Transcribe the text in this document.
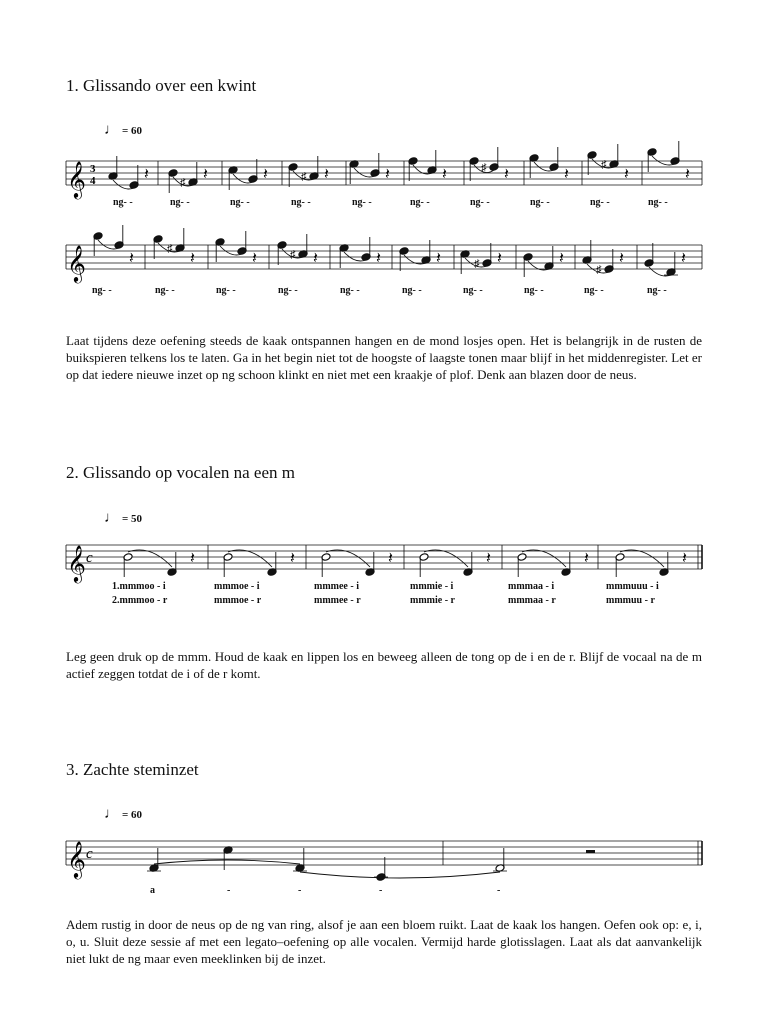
1. Glissando over een kwint
♩ = 60
𝄞 3
4	𝄽	♯ 𝄽	𝄽	♯ 𝄽	𝄽	𝄽	♯ 𝄽	𝄽
♯
𝄽	𝄽
ng- -	ng- -	ng- -	ng- -	ng- -	ng- -	ng- -	ng- -	ng- -	ng- -
𝄞	𝄽
♯
𝄽	𝄽	♯ 𝄽	𝄽	𝄽	♯ 𝄽	𝄽
♯
𝄽	𝄽
ng- -	ng- -	ng- -	ng- -	ng- -	ng- -	ng- -	ng- -	ng- -	ng- -
𝄞 c	𝄽	𝄽	𝄽	𝄽	𝄽	𝄽
1.mmmoo - i	mmmoe - i	mmmee - i	mmmie - i	mmmaa - i	mmmuuu - i
2.mmmoo - r	mmmoe - r	mmmee - r	mmmie - r	mmmaa - r	mmmuu - r
𝄞 c
a	-	-	-	-

Laat tijdens deze oefening steeds de kaak ontspannen hangen en de mond losjes open. Het is belangrijk in de rusten de buikspieren telkens los te laten. Ga in het begin niet tot de hoogste of laagste tonen maar blijf in het middenregister. Let er op dat iedere nieuwe inzet op ng schoon klinkt en niet met een kraakje of plof. Denk aan blazen door de neus.

2. Glissando op vocalen na een m
♩ = 50

Leg geen druk op de mmm. Houd de kaak en lippen los en beweeg alleen de tong op de i en de r. Blijf de vocaal na de m actief zeggen totdat de i of de r komt.

3. Zachte steminzet
♩ = 60

Adem rustig in door de neus op de ng van ring, alsof je aan een bloem ruikt. Laat de kaak los hangen. Oefen ook op: e, i, o, u. Sluit deze sessie af met een legato–oefening op alle vocalen. Vermijd harde glotisslagen. Laat als dat aanvankelijk niet lukt de ng maar even meeklinken bij de inzet.
